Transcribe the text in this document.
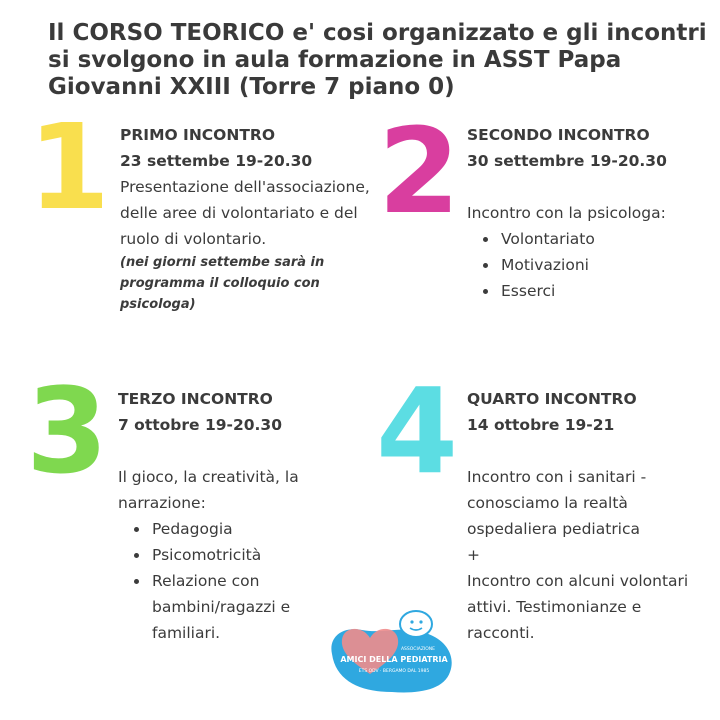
Il CORSO TEORICO e' cosi organizzato e gli incontri si svolgono in aula formazione in ASST Papa Giovanni XXIII (Torre 7 piano 0)
1 PRIMO INCONTRO
23 settembe 19-20.30
Presentazione dell'associazione, delle aree di volontariato e del ruolo di volontario.
(nei giorni settembe sarà in programma il colloquio con psicologa)
2 SECONDO INCONTRO
30 settembre 19-20.30
Incontro con la psicologa:
• Volontariato
• Motivazioni
• Esserci
3 TERZO INCONTRO
7 ottobre 19-20.30
Il gioco, la creatività, la narrazione:
• Pedagogia
• Psicomotricità
• Relazione con bambini/ragazzi e familiari.
4 QUARTO INCONTRO
14 ottobre 19-21
Incontro con i sanitari - conosciamo la realtà ospedaliera pediatrica
+
Incontro con alcuni volontari attivi. Testimonianze e racconti.
ASSOCIAZIONE
AMICI DELLA PEDIATRIA
ETS ODV · BERGAMO DAL 1985
